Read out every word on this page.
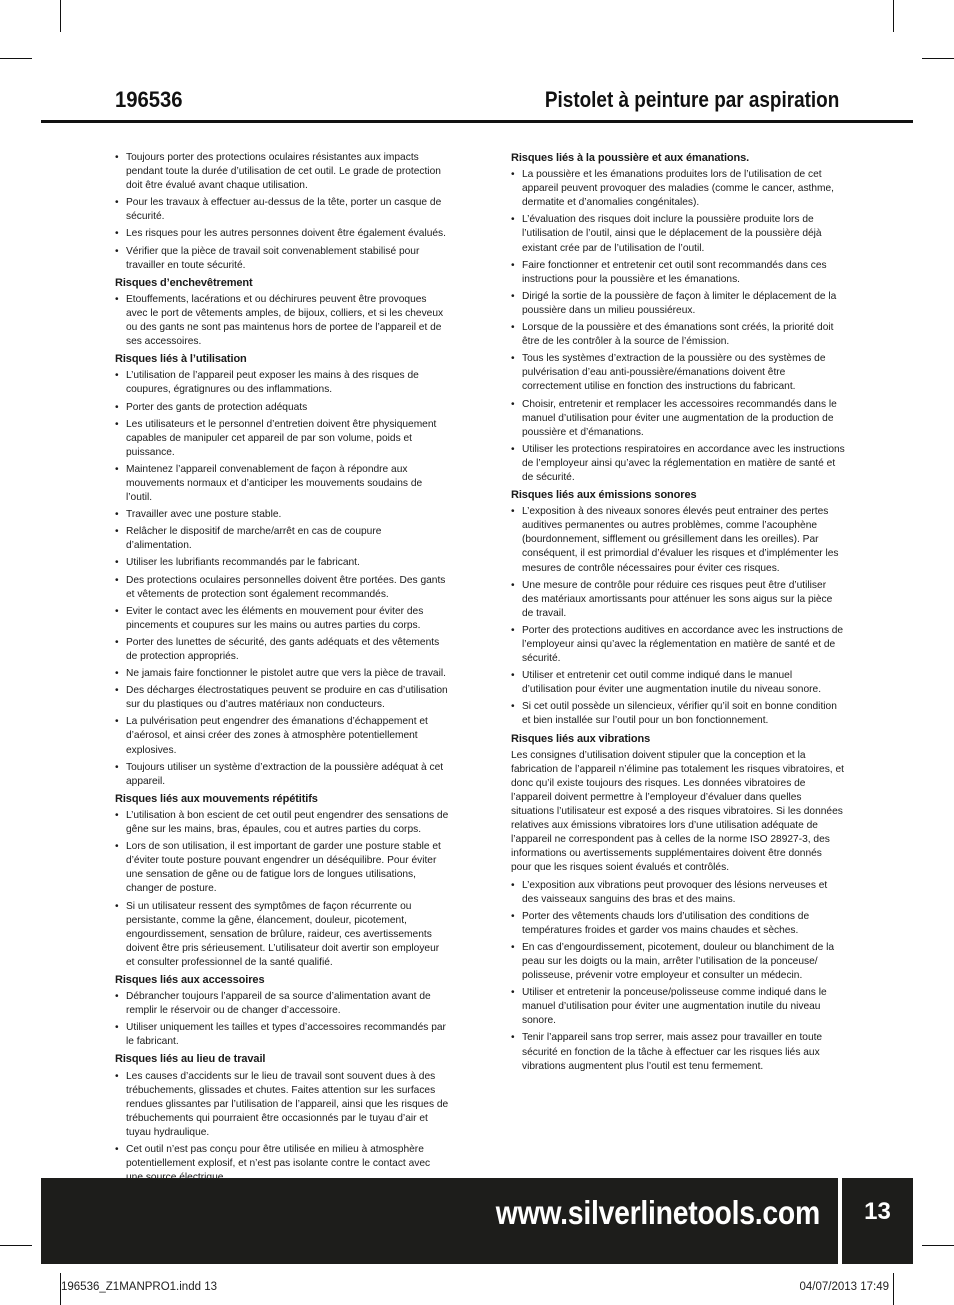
196536	Pistolet à peinture par aspiration
• Toujours porter des protections oculaires résistantes aux impacts pendant toute la durée d’utilisation de cet outil. Le grade de protection doit être évalué avant chaque utilisation.
• Pour les travaux à effectuer au-dessus de la tête, porter un casque de sécurité.
• Les risques pour les autres personnes doivent être également évalués.
• Vérifier que la pièce de travail soit convenablement stabilisé pour travailler en toute sécurité.
Risques d’enchevêtrement
• Etouffements, lacérations et ou déchirures peuvent être provoques avec le port de vêtements amples, de bijoux, colliers, et si les cheveux ou des gants ne sont pas maintenus hors de portee de l’appareil et de ses accessoires.
Risques liés à l’utilisation
• L’utilisation de l’appareil peut exposer les mains à des risques de coupures, égratignures ou des inflammations.
• Porter des gants de protection adéquats
• Les utilisateurs et le personnel d’entretien doivent être physiquement capables de manipuler cet appareil de par son volume, poids et puissance.
• Maintenez l’appareil convenablement de façon à répondre aux mouvements normaux et d’anticiper les mouvements soudains de l’outil.
• Travailler avec une posture stable.
• Relâcher le dispositif de marche/arrêt en cas de coupure d’alimentation.
• Utiliser les lubrifiants recommandés par le fabricant.
• Des protections oculaires personnelles doivent être portées. Des gants et vêtements de protection sont également recommandés.
• Eviter le contact avec les éléments en mouvement pour éviter des pincements et coupures sur les mains ou autres parties du corps.
• Porter des lunettes de sécurité, des gants adéquats et des vêtements de protection appropriés.
• Ne jamais faire fonctionner le pistolet autre que vers la pièce de travail.
• Des décharges électrostatiques peuvent se produire en cas d’utilisation sur du plastiques ou d’autres matériaux non conducteurs.
• La pulvérisation peut engendrer des émanations d’échappement et d’aérosol, et ainsi créer des zones à atmosphère potentiellement explosives.
• Toujours utiliser un système d’extraction de la poussière adéquat à cet appareil.
Risques liés aux mouvements répétitifs
• L’utilisation à bon escient de cet outil peut engendrer des sensations de gêne sur les mains, bras, épaules, cou et autres parties du corps.
• Lors de son utilisation, il est important de garder une posture stable et d’éviter toute posture pouvant engendrer un déséquilibre. Pour éviter une sensation de gêne ou de fatigue lors de longues utilisations, changer de posture.
• Si un utilisateur ressent des symptômes de façon récurrente ou persistante, comme la gêne, élancement, douleur, picotement, engourdissement, sensation de brûlure, raideur, ces avertissements doivent être pris sérieusement. L’utilisateur doit avertir son employeur et consulter professionnel de la santé qualifié.
Risques liés aux accessoires
• Débrancher toujours l’appareil de sa source d’alimentation avant de remplir le réservoir ou de changer d’accessoire.
• Utiliser uniquement les tailles et types d’accessoires recommandés par le fabricant.
Risques liés au lieu de travail
• Les causes d’accidents sur le lieu de travail sont souvent dues à des trébuchements, glissades et chutes. Faites attention sur les surfaces rendues glissantes par l’utilisation de l’appareil, ainsi que les risques de trébuchements qui pourraient être occasionnés par le tuyau d’air et tuyau hydraulique.
• Cet outil n’est pas conçu pour être utilisée en milieu à atmosphère potentiellement explosif, et n’est pas isolante contre le contact avec
Risques liés à la poussière et aux émanations.
• La poussière et les émanations produites lors de l’utilisation de cet appareil peuvent provoquer des maladies (comme le cancer, asthme, dermatite et d’anomalies congénitales).
• L’évaluation des risques doit inclure la poussière produite lors de l’utilisation de l’outil, ainsi que le déplacement de la poussière déjà existant crée par de l’utilisation de l’outil.
• Faire fonctionner et entretenir cet outil sont recommandés dans ces instructions pour la poussière et les émanations.
• Dirigé la sortie de la poussière de façon à limiter le déplacement de la poussière dans un milieu poussiéreux.
• Lorsque de la poussière et des émanations sont créés, la priorité doit être de les contrôler à la source de l’émission.
• Tous les systèmes d’extraction de la poussière ou des systèmes de pulvérisation d’eau anti-poussière/émanations doivent être correctement utilise en fonction des instructions du fabricant.
• Choisir, entretenir et remplacer les accessoires recommandés dans le manuel d’utilisation pour éviter une augmentation de la production de poussière et d’émanations.
• Utiliser les protections respiratoires en accordance avec les instructions de l’employeur ainsi qu’avec la réglementation en matière de santé et de sécurité.
Risques liés aux émissions sonores
• L’exposition à des niveaux sonores élevés peut entrainer des pertes auditives permanentes ou autres problèmes, comme l’acouphène (bourdonnement, sifflement ou grésillement dans les oreilles). Par conséquent, il est primordial d’évaluer les risques et d’implémenter les mesures de contrôle nécessaires pour éviter ces risques.
• Une mesure de contrôle pour réduire ces risques peut être d’utiliser des matériaux amortissants pour atténuer les sons aigus sur la pièce de travail.
• Porter des protections auditives en accordance avec les instructions de l’employeur ainsi qu’avec la réglementation en matière de santé et de sécurité.
• Utiliser et entretenir cet outil comme indiqué dans le manuel d’utilisation pour éviter une augmentation inutile du niveau sonore.
• Si cet outil possède un silencieux, vérifier qu’il soit en bonne condition et bien installée sur l’outil pour un bon fonctionnement.
Risques liés aux vibrations

Les consignes d’utilisation doivent stipuler que la conception et la fabrication de l’appareil n’élimine pas totalement les risques vibratoires, et donc qu’il existe toujours des risques. Les données vibratoires de l’appareil doivent permettre à l’employeur d’évaluer dans quelles situations l’utilisateur est exposé a des risques vibratoires. Si les données relatives aux émissions vibratoires lors d’une utilisation adéquate de l’appareil ne correspondent pas à celles de la norme ISO 28927-3, des informations ou avertissements supplémentaires doivent être donnés pour que les risques soient évalués et contrôlés.

• L’exposition aux vibrations peut provoquer des lésions nerveuses et des vaisseaux sanguins des bras et des mains.
• Porter des vêtements chauds lors d’utilisation des conditions de températures froides et garder vos mains chaudes et sèches.
• En cas d’engourdissement, picotement, douleur ou blanchiment de la peau sur les doigts ou la main, arrêter l’utilisation de la ponceuse/ polisseuse, prévenir votre employeur et consulter un médecin.
• Utiliser et entretenir la ponceuse/polisseuse comme indiqué dans le manuel d’utilisation pour éviter une augmentation inutile du niveau sonore.
• Tenir l’appareil sans trop serrer, mais assez pour travailler en toute sécurité en fonction de la tâche à effectuer car les risques liés aux vibrations augmentent plus l’outil est tenu fermement.
www.silverlinetools.com	13
196536_Z1MANPRO1.indd 13	04/07/2013 17:49
